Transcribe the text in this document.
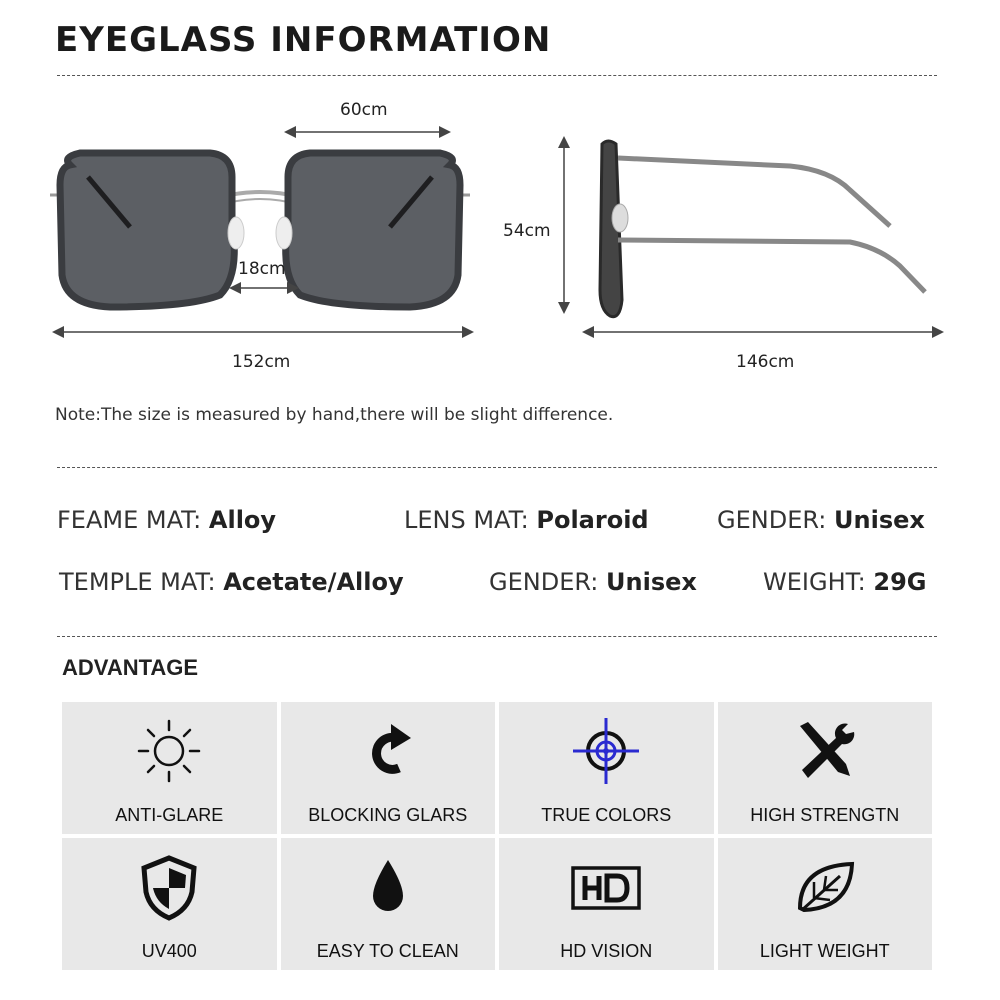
EYEGLASS INFORMATION
60cm
18cm
152cm
54cm
146cm
Note:The size is measured by hand,there will be slight difference.
FEAME MAT: Alloy	LENS MAT: Polaroid	GENDER: Unisex
TEMPLE MAT: Acetate/Alloy	GENDER: Unisex	WEIGHT: 29G
ADVANTAGE
ANTI-GLARE	BLOCKING GLARS	TRUE COLORS	HIGH STRENGTN
UV400	EASY TO CLEAN	HD VISION	LIGHT WEIGHT
